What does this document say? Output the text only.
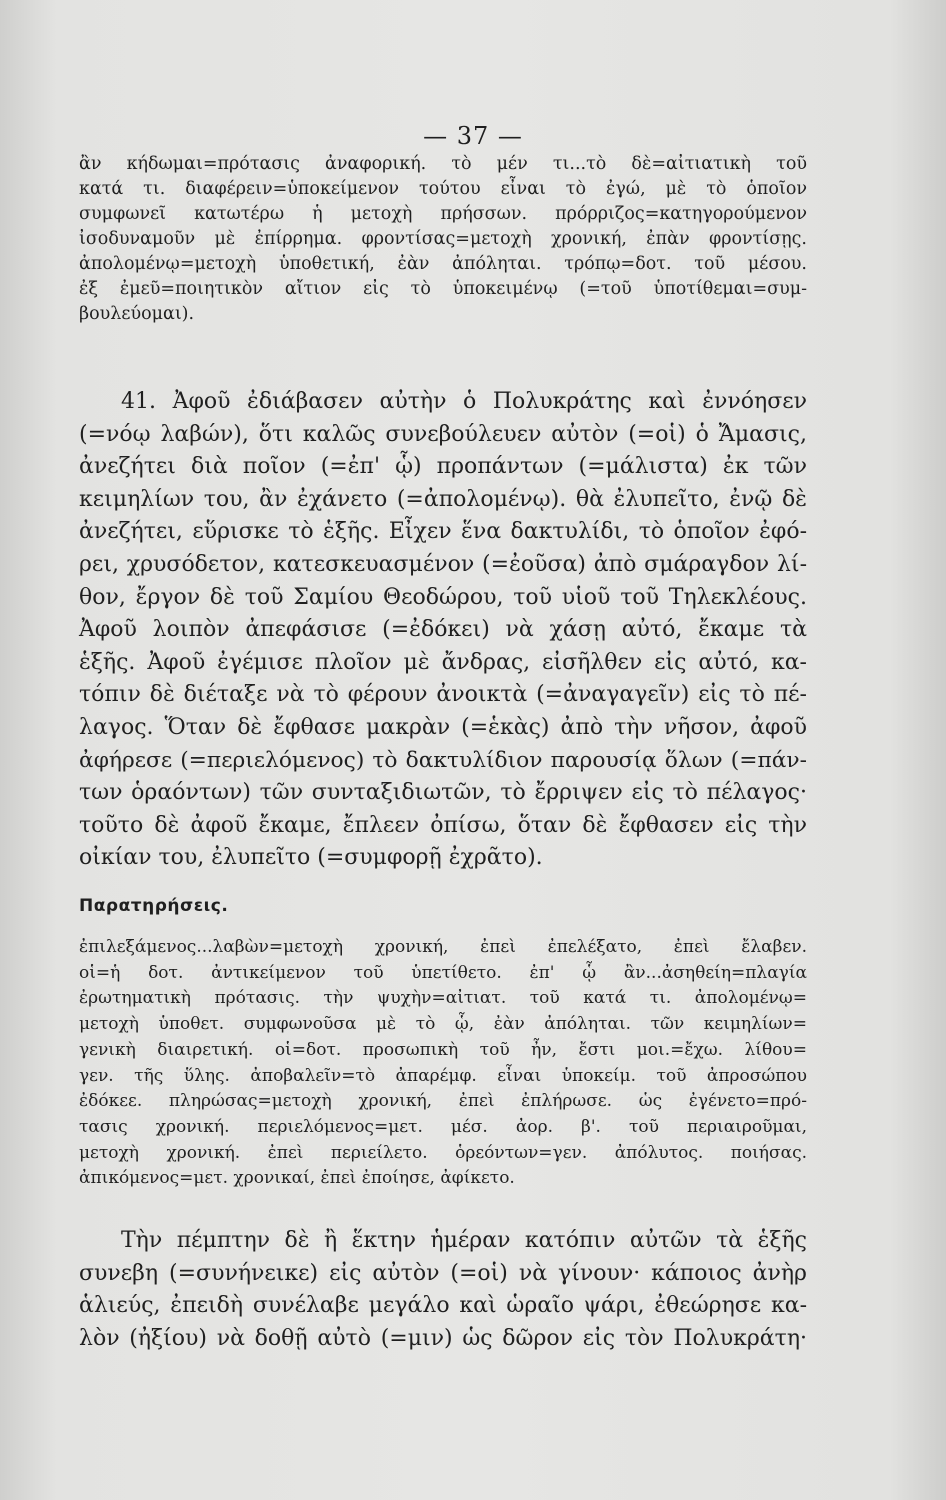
— 37 —
ἂν κήδωμαι=πρότασις ἀναφορική. τὸ μέν τι...τὸ δὲ=αἰτιατικὴ τοῦ
κατά τι. διαφέρειν=ὑποκείμενον τούτου εἶναι τὸ ἐγώ, μὲ τὸ ὁποῖον
συμφωνεῖ κατωτέρω ἡ μετοχὴ πρήσσων. πρόρριζος=κατηγορούμενον
ἰσοδυναμοῦν μὲ ἐπίρρημα. φροντίσας=μετοχὴ χρονική, ἐπὰν φροντίσῃς.
ἀπολομένῳ=μετοχὴ ὑποθετική, ἐὰν ἀπόληται. τρόπῳ=δοτ. τοῦ μέσου.
ἐξ ἐμεῦ=ποιητικὸν αἴτιον εἰς τὸ ὑποκειμένῳ (=τοῦ ὑποτίθεμαι=συμ-
βουλεύομαι).
41. Ἀφοῦ ἐδιάβασεν αὐτὴν ὁ Πολυκράτης καὶ ἐννόησεν
(=νόῳ λαβών), ὅτι καλῶς συνεβούλευεν αὐτὸν (=οἱ) ὁ Ἄμασις,
ἀνεζήτει διὰ ποῖον (=ἐπ' ᾧ) προπάντων (=μάλιστα) ἐκ τῶν
κειμηλίων του, ἂν ἐχάνετο (=ἀπολομένῳ). θὰ ἐλυπεῖτο, ἐνῷ δὲ
ἀνεζήτει, εὕρισκε τὸ ἑξῆς. Εἶχεν ἕνα δακτυλίδι, τὸ ὁποῖον ἐφό-
ρει, χρυσόδετον, κατεσκευασμένον (=ἐοῦσα) ἀπὸ σμάραγδον λί-
θον, ἔργον δὲ τοῦ Σαμίου Θεοδώρου, τοῦ υἱοῦ τοῦ Τηλεκλέους.
Ἀφοῦ λοιπὸν ἀπεφάσισε (=ἐδόκει) νὰ χάσῃ αὐτό, ἔκαμε τὰ
ἑξῆς. Ἀφοῦ ἐγέμισε πλοῖον μὲ ἄνδρας, εἰσῆλθεν εἰς αὐτό, κα-
τόπιν δὲ διέταξε νὰ τὸ φέρουν ἀνοικτὰ (=ἀναγαγεῖν) εἰς τὸ πέ-
λαγος. Ὅταν δὲ ἔφθασε μακρὰν (=ἑκὰς) ἀπὸ τὴν νῆσον, ἀφοῦ
ἀφήρεσε (=περιελόμενος) τὸ δακτυλίδιον παρουσίᾳ ὅλων (=πάν-
των ὁραόντων) τῶν συνταξιδιωτῶν, τὸ ἔρριψεν εἰς τὸ πέλαγος·
τοῦτο δὲ ἀφοῦ ἔκαμε, ἔπλεεν ὀπίσω, ὅταν δὲ ἔφθασεν εἰς τὴν
οἰκίαν του, ἐλυπεῖτο (=συμφορῇ ἐχρᾶτο).
Παρατηρήσεις.
ἐπιλεξάμενος...λαβὼν=μετοχὴ χρονική, ἐπεὶ ἐπελέξατο, ἐπεὶ ἔλαβεν.
οἱ=ἡ δοτ. ἀντικείμενον τοῦ ὑπετίθετο. ἐπ' ᾧ ἂν...ἀσηθείη=πλαγία
ἐρωτηματικὴ πρότασις. τὴν ψυχὴν=αἰτιατ. τοῦ κατά τι. ἀπολομένῳ=
μετοχὴ ὑποθετ. συμφωνοῦσα μὲ τὸ ᾧ, ἐὰν ἀπόληται. τῶν κειμηλίων=
γενικὴ διαιρετική. οἱ=δοτ. προσωπικὴ τοῦ ἦν, ἔστι μοι.=ἔχω. λίθου=
γεν. τῆς ὕλης. ἀποβαλεῖν=τὸ ἀπαρέμφ. εἶναι ὑποκείμ. τοῦ ἀπροσώπου
ἐδόκεε. πληρώσας=μετοχὴ χρονική, ἐπεὶ ἐπλήρωσε. ὡς ἐγένετο=πρό-
τασις χρονική. περιελόμενος=μετ. μέσ. ἀορ. β'. τοῦ περιαιροῦμαι,
μετοχὴ χρονική. ἐπεὶ περιείλετο. ὁρεόντων=γεν. ἀπόλυτος. ποιήσας.
ἀπικόμενος=μετ. χρονικαί, ἐπεὶ ἐποίησε, ἀφίκετο.
Τὴν πέμπτην δὲ ἢ ἕκτην ἡμέραν κατόπιν αὐτῶν τὰ ἑξῆς
συνεβη (=συνήνεικε) εἰς αὐτὸν (=οἱ) νὰ γίνουν· κάποιος ἀνὴρ
ἁλιεύς, ἐπειδὴ συνέλαβε μεγάλο καὶ ὡραῖο ψάρι, ἐθεώρησε κα-
λὸν (ἠξίου) νὰ δοθῇ αὐτὸ (=μιν) ὡς δῶρον εἰς τὸν Πολυκράτη·
